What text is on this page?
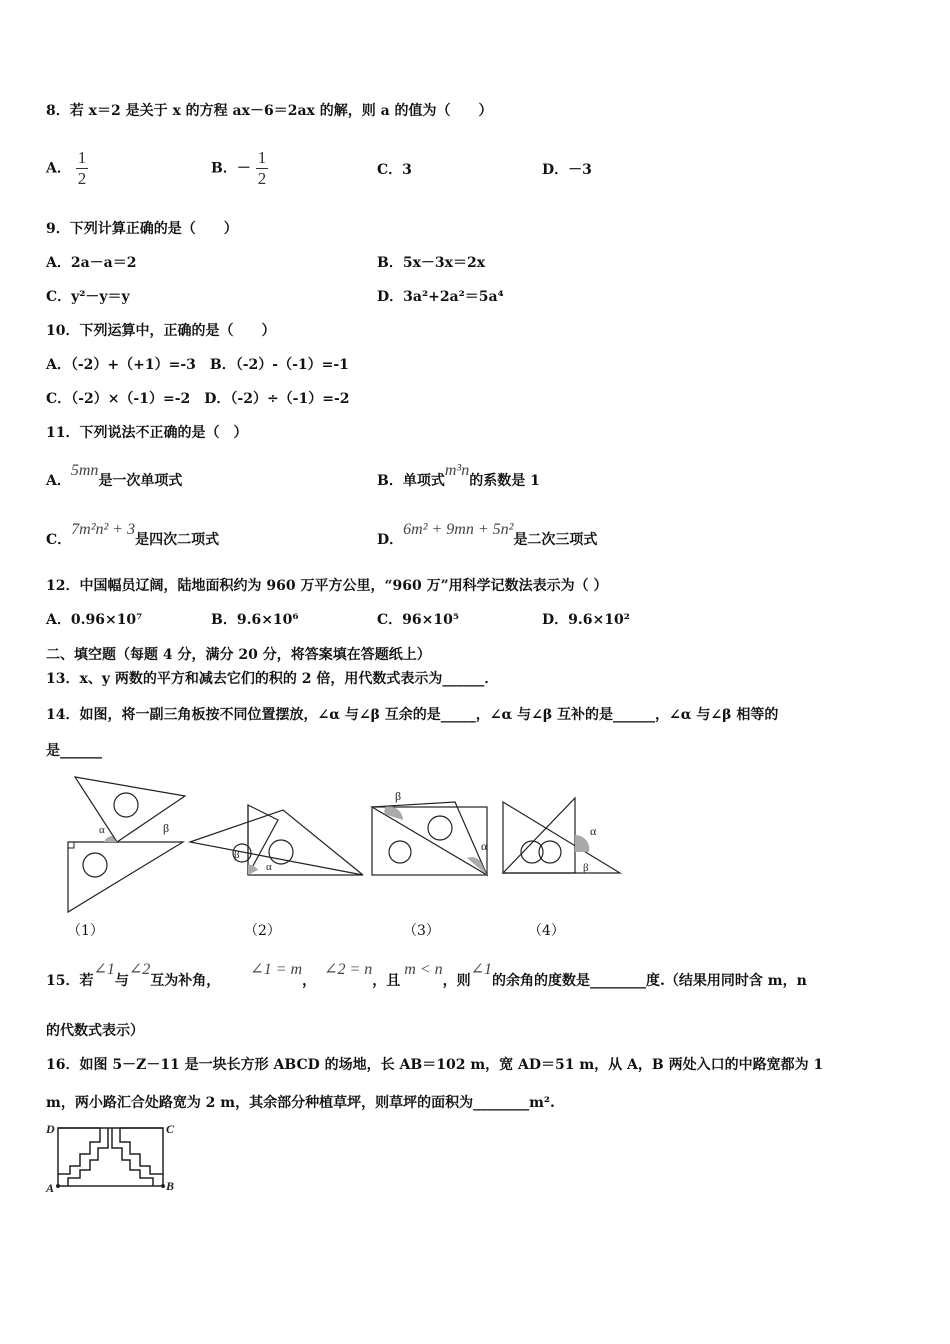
8．若 x＝2 是关于 x 的方程 ax－6＝2ax 的解，则 a 的值为（　　）
A． $\frac{1}{2}$	B．－ $\frac{1}{2}$	C．3	D．－3
9．下列计算正确的是（　　）
A．2a－a＝2	B．5x－3x＝2x
C．y²－y＝y	D．3a²+2a²＝5a⁴
10．下列运算中，正确的是（　　）
A．（-2）+（+1）=-3　B．（-2）-（-1）=-1
C．（-2）×（-1）=-2　D．（-2）÷（-1）=-2
11．下列说法不正确的是（　）
A．5mn是一次单项式	B．单项式m³n的系数是 1
C．7m²n² + 3是四次二项式	D．6m² + 9mn + 5n²是二次三项式
12．中国幅员辽阔，陆地面积约为 960 万平方公里，“960 万”用科学记数法表示为（ ）
A．0.96×10⁷	B．9.6×10⁶	C．96×10⁵	D．9.6×10²
二、填空题（每题 4 分，满分 20 分，将答案填在答题纸上）
13．x、y 两数的平方和减去它们的积的 2 倍，用代数式表示为______．
14．如图，将一副三角板按不同位置摆放，∠α 与∠β 互余的是_____，∠α 与∠β 互补的是______，∠α 与∠β 相等的
是______
α	β
β
α
β
α
α
β
（1）	（2）	（3）	（4）
15．若∠1与∠2互为补角，∠1 = m，∠2 = n，且m < n，则∠1的余角的度数是________度.（结果用同时含 m，n
的代数式表示）
16．如图 5－Z－11 是一块长方形 ABCD 的场地，长 AB＝102 m，宽 AD＝51 m，从 A，B 两处入口的中路宽都为 1
m，两小路汇合处路宽为 2 m，其余部分种植草坪，则草坪的面积为________m².
D	C
A	B
